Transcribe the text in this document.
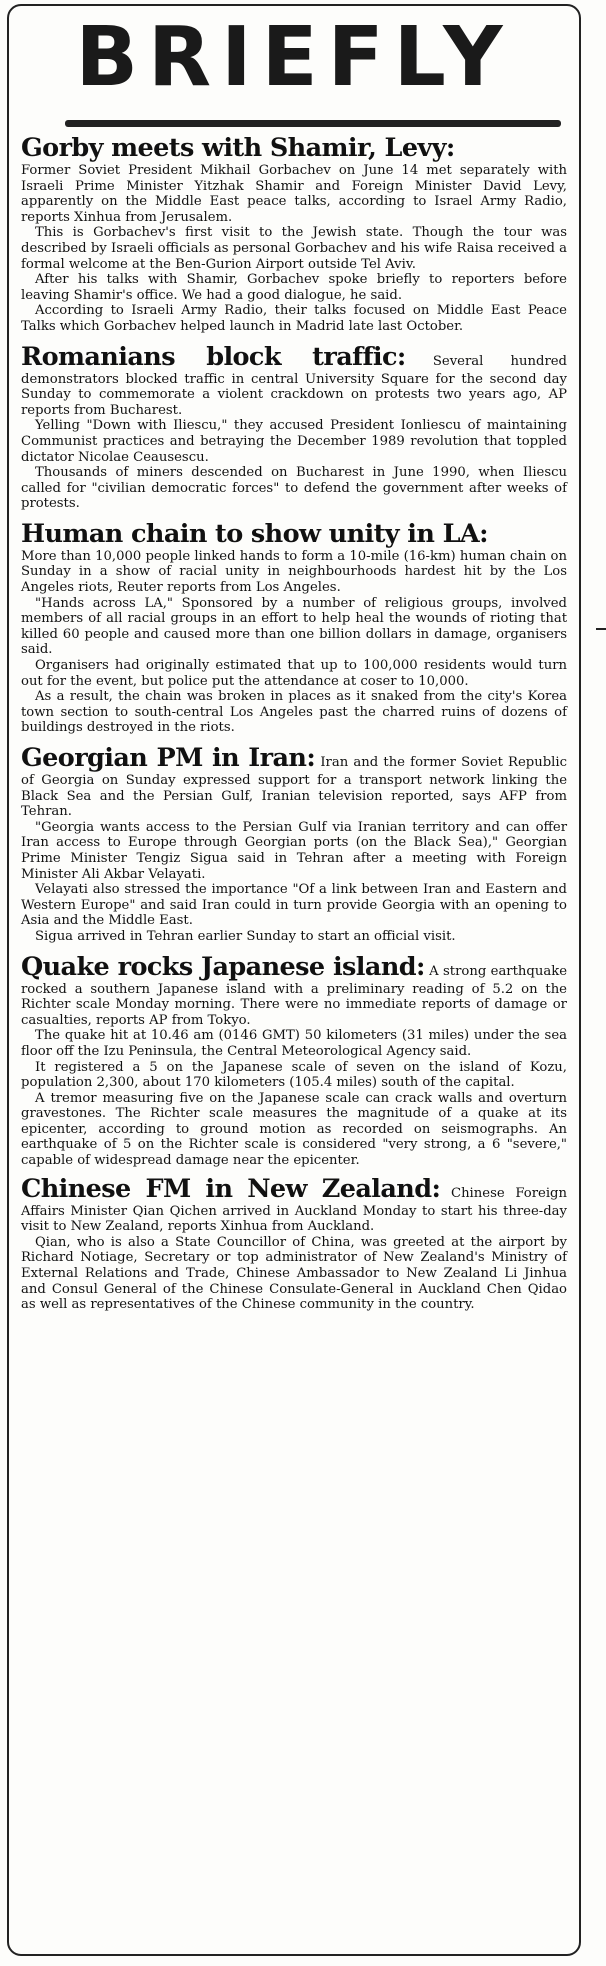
BRIEFLY
Gorby meets with Shamir, Levy:

Former Soviet President Mikhail Gorbachev on June 14 met separately with Israeli Prime Minister Yitzhak Shamir and Foreign Minister David Levy, apparently on the Middle East peace talks, according to Israel Army Radio, reports Xinhua from Jerusalem.

This is Gorbachev's first visit to the Jewish state. Though the tour was described by Israeli officials as personal Gorbachev and his wife Raisa received a formal welcome at the Ben-Gurion Airport outside Tel Aviv.

After his talks with Shamir, Gorbachev spoke briefly to reporters before leaving Shamir's office. We had a good dialogue, he said.

According to Israeli Army Radio, their talks focused on Middle East Peace Talks which Gorbachev helped launch in Madrid late last October.

Romanians block traffic: Several hundred demonstrators blocked traffic in central University Square for the second day Sunday to commemorate a violent crackdown on protests two years ago, AP reports from Bucharest.

Yelling "Down with Iliescu," they accused President Ionliescu of maintaining Communist practices and betraying the December 1989 revolution that toppled dictator Nicolae Ceausescu.

Thousands of miners descended on Bucharest in June 1990, when Iliescu called for "civilian democratic forces" to defend the government after weeks of protests.

Human chain to show unity in LA:

More than 10,000 people linked hands to form a 10-mile (16-km) human chain on Sunday in a show of racial unity in neighbourhoods hardest hit by the Los Angeles riots, Reuter reports from Los Angeles.

"Hands across LA," Sponsored by a number of religious groups, involved members of all racial groups in an effort to help heal the wounds of rioting that killed 60 people and caused more than one billion dollars in damage, organisers said.

Organisers had originally estimated that up to 100,000 residents would turn out for the event, but police put the attendance at coser to 10,000.

As a result, the chain was broken in places as it snaked from the city's Korea town section to south-central Los Angeles past the charred ruins of dozens of buildings destroyed in the riots.

Georgian PM in Iran: Iran and the former Soviet Republic of Georgia on Sunday expressed support for a transport network linking the Black Sea and the Persian Gulf, Iranian television reported, says AFP from Tehran.

"Georgia wants access to the Persian Gulf via Iranian territory and can offer Iran access to Europe through Georgian ports (on the Black Sea)," Georgian Prime Minister Tengiz Sigua said in Tehran after a meeting with Foreign Minister Ali Akbar Velayati.

Velayati also stressed the importance "Of a link between Iran and Eastern and Western Europe" and said Iran could in turn provide Georgia with an opening to Asia and the Middle East.

Sigua arrived in Tehran earlier Sunday to start an official visit.

Quake rocks Japanese island: A strong earthquake rocked a southern Japanese island with a preliminary reading of 5.2 on the Richter scale Monday morning. There were no immediate reports of damage or casualties, reports AP from Tokyo.

The quake hit at 10.46 am (0146 GMT) 50 kilometers (31 miles) under the sea floor off the Izu Peninsula, the Central Meteorological Agency said.

It registered a 5 on the Japanese scale of seven on the island of Kozu, population 2,300, about 170 kilometers (105.4 miles) south of the capital.

A tremor measuring five on the Japanese scale can crack walls and overturn gravestones. The Richter scale measures the magnitude of a quake at its epicenter, according to ground motion as recorded on seismographs. An earthquake of 5 on the Richter scale is considered "very strong, a 6 "severe," capable of widespread damage near the epicenter.

Chinese FM in New Zealand: Chinese Foreign Affairs Minister Qian Qichen arrived in Auckland Monday to start his three-day visit to New Zealand, reports Xinhua from Auckland.

Qian, who is also a State Councillor of China, was greeted at the airport by Richard Notiage, Secretary or top administrator of New Zealand's Ministry of External Relations and Trade, Chinese Ambassador to New Zealand Li Jinhua and Consul General of the Chinese Consulate-General in Auckland Chen Qidao as well as representatives of the Chinese community in the country.
